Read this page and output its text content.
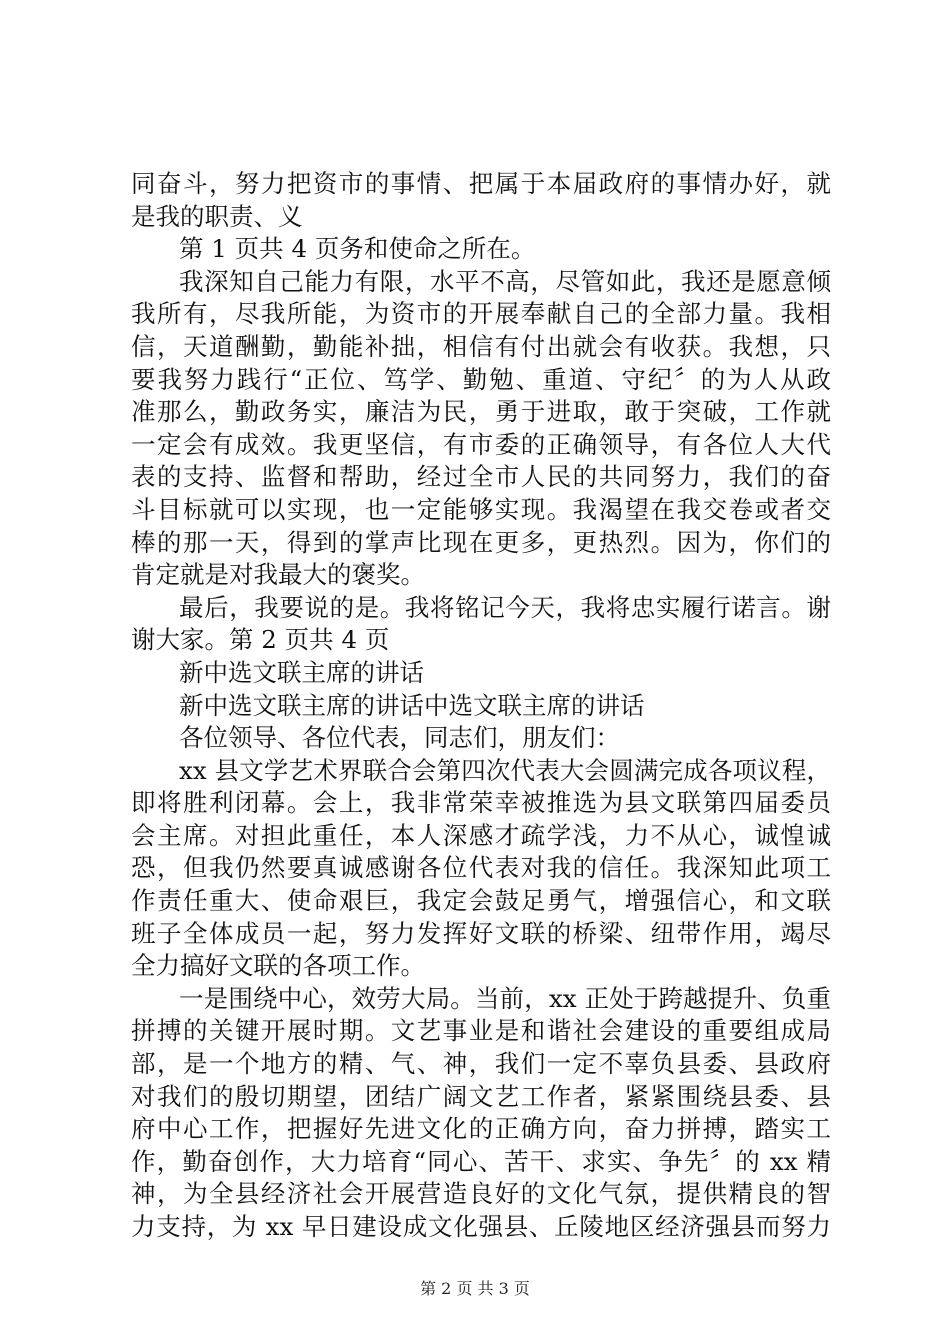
同奋斗，努力把资市的事情、把属于本届政府的事情办好，就
是我的职责、义
第 1 页共 4 页务和使命之所在。
我深知自己能力有限，水平不高，尽管如此，我还是愿意倾
我所有，尽我所能，为资市的开展奉献自己的全部力量。我相
信，天道酬勤，勤能补拙，相信有付出就会有收获。我想，只
要我努力践行“正位、笃学、勤勉、重道、守纪〞的为人从政
准那么，勤政务实，廉洁为民，勇于进取，敢于突破，工作就
一定会有成效。我更坚信，有市委的正确领导，有各位人大代
表的支持、监督和帮助，经过全市人民的共同努力，我们的奋
斗目标就可以实现，也一定能够实现。我渴望在我交卷或者交
棒的那一天，得到的掌声比现在更多，更热烈。因为，你们的
肯定就是对我最大的褒奖。
最后，我要说的是。我将铭记今天，我将忠实履行诺言。谢
谢大家。第 2 页共 4 页
新中选文联主席的讲话
新中选文联主席的讲话中选文联主席的讲话
各位领导、各位代表，同志们，朋友们：
xx 县文学艺术界联合会第四次代表大会圆满完成各项议程，
即将胜利闭幕。会上，我非常荣幸被推选为县文联第四届委员
会主席。对担此重任，本人深感才疏学浅，力不从心，诚惶诚
恐，但我仍然要真诚感谢各位代表对我的信任。我深知此项工
作责任重大、使命艰巨，我定会鼓足勇气，增强信心，和文联
班子全体成员一起，努力发挥好文联的桥梁、纽带作用，竭尽
全力搞好文联的各项工作。
一是围绕中心，效劳大局。当前，xx 正处于跨越提升、负重
拼搏的关键开展时期。文艺事业是和谐社会建设的重要组成局
部，是一个地方的精、气、神，我们一定不辜负县委、县政府
对我们的殷切期望，团结广阔文艺工作者，紧紧围绕县委、县
府中心工作，把握好先进文化的正确方向，奋力拼搏，踏实工
作，勤奋创作，大力培育“同心、苦干、求实、争先〞的 xx 精
神，为全县经济社会开展营造良好的文化气氛，提供精良的智
力支持，为 xx 早日建设成文化强县、丘陵地区经济强县而努力
第 2 页 共 3 页
